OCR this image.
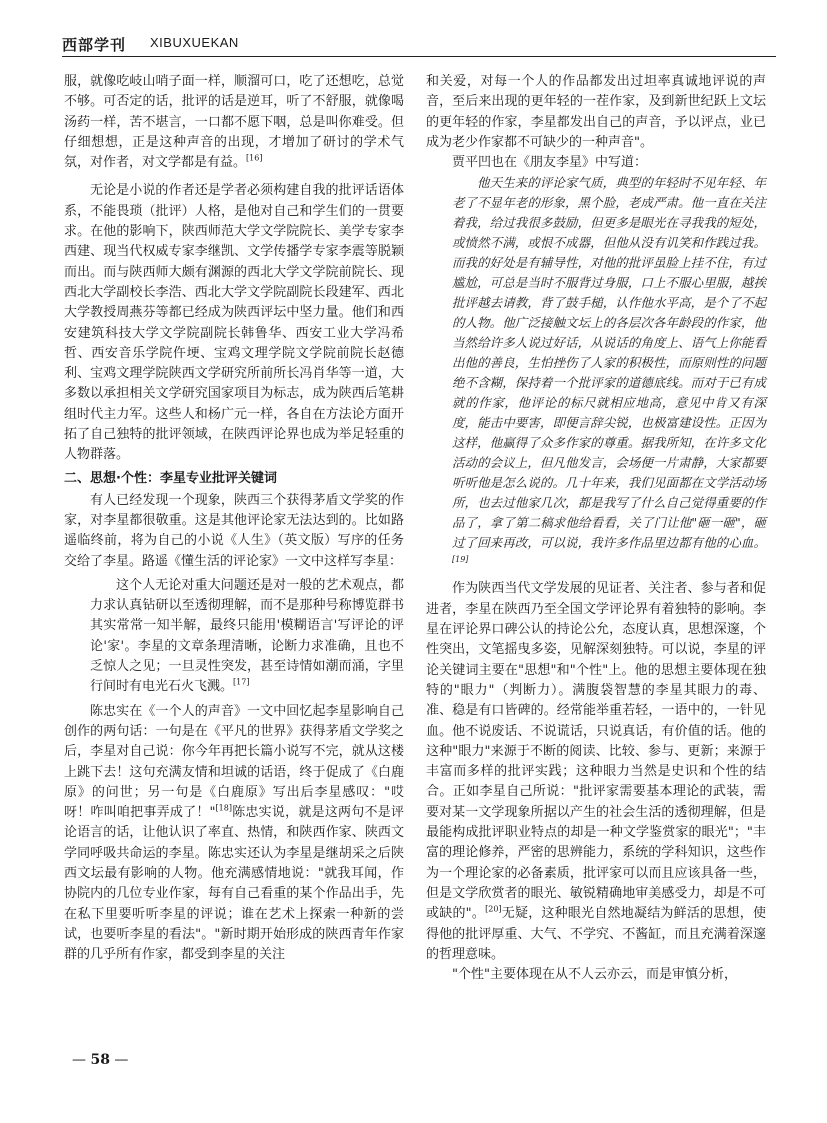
西部学刊 XIBUXUEKAN

服，就像吃岐山哨子面一样，顺溜可口，吃了还想吃，总觉不够。可否定的话，批评的话是逆耳，听了不舒服，就像喝汤药一样，苦不堪言，一口都不愿下咽，总是叫你难受。但仔细想想，正是这种声音的出现，才增加了研讨的学术气氛，对作者，对文学都是有益。[16]

无论是小说的作者还是学者必须构建自我的批评话语体系，不能畏琐（批评）人格，是他对自己和学生们的一贯要求。在他的影响下，陕西师范大学文学院院长、美学专家李西建、现当代权威专家李继凯、文学传播学专家李震等脱颖而出。而与陕西师大颇有渊源的西北大学文学院前院长、现西北大学副校长李浩、西北大学文学院副院长段建军、西北大学教授周燕芬等都已经成为陕西评坛中坚力量。他们和西安建筑科技大学文学院副院长韩鲁华、西安工业大学冯希哲、西安音乐学院仵埂、宝鸡文理学院文学院前院长赵德利、宝鸡文理学院陕西文学研究所前所长冯肖华等一道，大多数以承担相关文学研究国家项目为标志，成为陕西后笔耕组时代主力军。这些人和杨广元一样，各自在方法论方面开拓了自己独特的批评领域，在陕西评论界也成为举足轻重的人物群落。

二、思想·个性：李星专业批评关键词

有人已经发现一个现象，陕西三个获得茅盾文学奖的作家，对李星都很敬重。这是其他评论家无法达到的。比如路遥临终前，将为自己的小说《人生》（英文版）写序的任务交给了李星。路遥《懂生活的评论家》一文中这样写李星：

这个人无论对重大问题还是对一般的艺术观点，都力求认真钻研以至透彻理解，而不是那种号称博览群书其实常常一知半解，最终只能用'模糊语言'写评论的评论'家'。李星的文章条理清晰，论断力求准确，且也不乏惊人之见；一旦灵性突发，甚至诗情如潮而涌，字里行间时有电光石火飞溅。[17]

陈忠实在《一个人的声音》一文中回忆起李星影响自己创作的两句话：一句是在《平凡的世界》获得茅盾文学奖之后，李星对自己说：你今年再把长篇小说写不完，就从这楼上跳下去！这句充满友情和坦诚的话语，终于促成了《白鹿原》的问世；另一句是《白鹿原》写出后李星感叹："哎呀！咋叫咱把事弄成了！"[18]陈忠实说，就是这两句不是评论语言的话，让他认识了率直、热情，和陕西作家、陕西文学同呼吸共命运的李星。陈忠实还认为李星是继胡采之后陕西文坛最有影响的人物。他充满感情地说："就我耳闻，作协院内的几位专业作家，每有自己看重的某个作品出手，先在私下里要听听李星的评说；谁在艺术上探索一种新的尝试，也要听李星的看法"。"新时期开始形成的陕西青年作家群的几乎所有作家，都受到李星的关注

和关爱，对每一个人的作品都发出过坦率真诚地评说的声音，至后来出现的更年轻的一茬作家，及到新世纪跃上文坛的更年轻的作家，李星都发出自己的声音，予以评点，业已成为老少作家都不可缺少的一种声音"。

贾平凹也在《朋友李星》中写道：

他天生来的评论家气质，典型的年轻时不见年轻、年老了不显年老的形象，黑个脸，老成严肃。他一直在关注着我，给过我很多鼓励，但更多是眼光在寻我我的短处，或愤然不满，或恨不成器，但他从没有讥笑和作践过我。而我的好处是有辅导性，对他的批评虽脸上挂不住，有过尴尬，可总是当时不服背过身服，口上不服心里服，越挨批评越去请教，背了鼓手槌，认作他水平高，是个了不起的人物。他广泛接触文坛上的各层次各年龄段的作家，他当然给许多人说过好话，从说话的角度上、语气上你能看出他的善良，生怕挫伤了人家的积极性，而原则性的问题绝不含糊，保持着一个批评家的道德底线。而对于已有成就的作家，他评论的标尺就相应地高，意见中肯又有深度，能击中要害，即便言辞尖锐，也极富建设性。正因为这样，他赢得了众多作家的尊重。据我所知，在许多文化活动的会议上，但凡他发言，会场便一片肃静，大家都要听听他是怎么说的。几十年来，我们见面都在文学活动场所，也去过他家几次，都是我写了什么自己觉得重要的作品了，拿了第二稿求他给看看，关了门让他"砸一砸"，砸过了回来再改，可以说，我许多作品里边都有他的心血。[19]

作为陕西当代文学发展的见证者、关注者、参与者和促进者，李星在陕西乃至全国文学评论界有着独特的影响。李星在评论界口碑公认的持论公允，态度认真，思想深邃，个性突出，文笔摇曳多姿，见解深刻独特。可以说，李星的评论关键词主要在"思想"和"个性"上。他的思想主要体现在独特的"眼力"（判断力）。满腹袋智慧的李星其眼力的毒、准、稳是有口皆碑的。经常能举重若轻，一语中的，一针见血。他不说废话、不说谎话，只说真话，有价值的话。他的这种"眼力"来源于不断的阅读、比较、参与、更新；来源于丰富而多样的批评实践；这种眼力当然是史识和个性的结合。正如李星自己所说："批评家需要基本理论的武装，需要对某一文学现象所据以产生的社会生活的透彻理解，但是最能构成批评职业特点的却是一种文学鉴赏家的眼光"；"丰富的理论修养，严密的思辨能力，系统的学科知识，这些作为一个理论家的必备素质，批评家可以而且应该具备一些，但是文学欣赏者的眼光、敏锐精确地审美感受力，却是不可或缺的"。[20]无疑，这种眼光自然地凝结为鲜活的思想，使得他的批评厚重、大气、不学究、不酱缸，而且充满着深邃的哲理意味。

"个性"主要体现在从不人云亦云，而是审慎分析，

— 58 —
